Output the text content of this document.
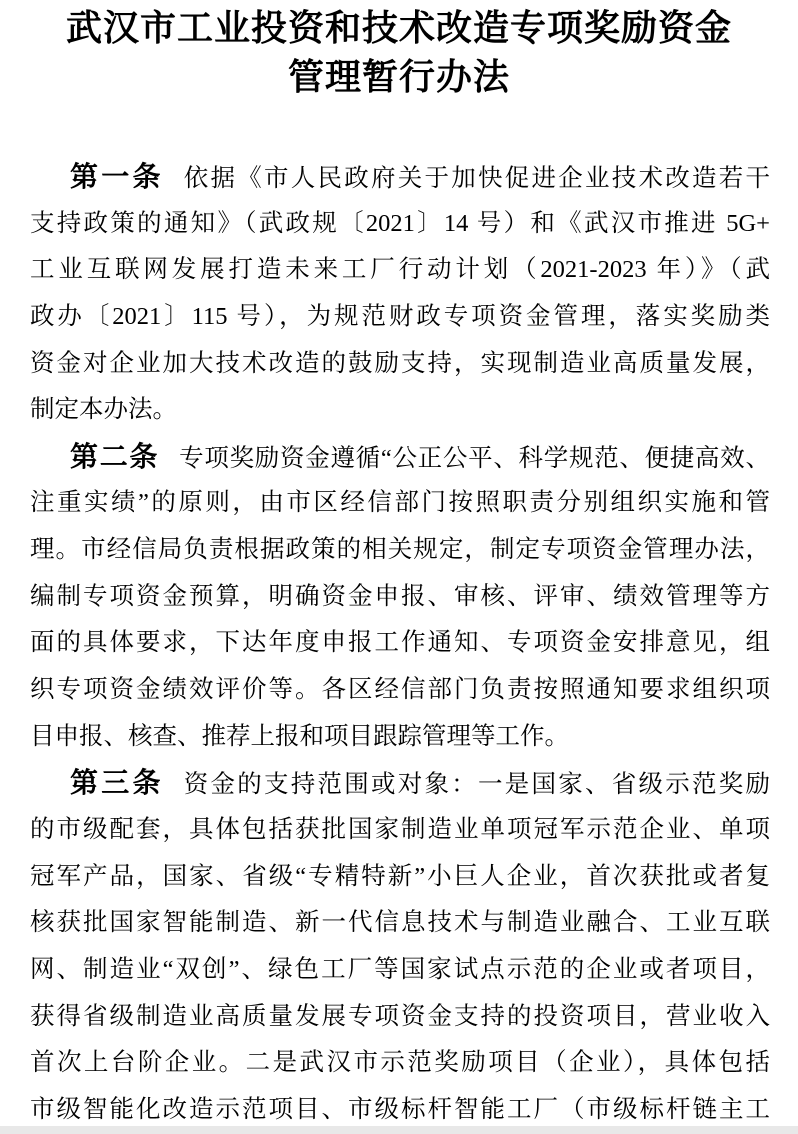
武汉市工业投资和技术改造专项奖励资金
管理暂行办法
第一条 依据《市人民政府关于加快促进企业技术改造若干
支持政策的通知》（武政规〔2021〕14 号）和《武汉市推进 5G+
工业互联网发展打造未来工厂行动计划（2021-2023 年）》（武
政办〔2021〕115 号），为规范财政专项资金管理，落实奖励类
资金对企业加大技术改造的鼓励支持，实现制造业高质量发展，
制定本办法。
第二条 专项奖励资金遵循“公正公平、科学规范、便捷高效、
注重实绩”的原则，由市区经信部门按照职责分别组织实施和管
理。市经信局负责根据政策的相关规定，制定专项资金管理办法，
编制专项资金预算，明确资金申报、审核、评审、绩效管理等方
面的具体要求，下达年度申报工作通知、专项资金安排意见，组
织专项资金绩效评价等。各区经信部门负责按照通知要求组织项
目申报、核查、推荐上报和项目跟踪管理等工作。
第三条 资金的支持范围或对象：一是国家、省级示范奖励
的市级配套，具体包括获批国家制造业单项冠军示范企业、单项
冠军产品，国家、省级“专精特新”小巨人企业，首次获批或者复
核获批国家智能制造、新一代信息技术与制造业融合、工业互联
网、制造业“双创”、绿色工厂等国家试点示范的企业或者项目，
获得省级制造业高质量发展专项资金支持的投资项目，营业收入
首次上台阶企业。二是武汉市示范奖励项目（企业），具体包括
市级智能化改造示范项目、市级标杆智能工厂（市级标杆链主工
